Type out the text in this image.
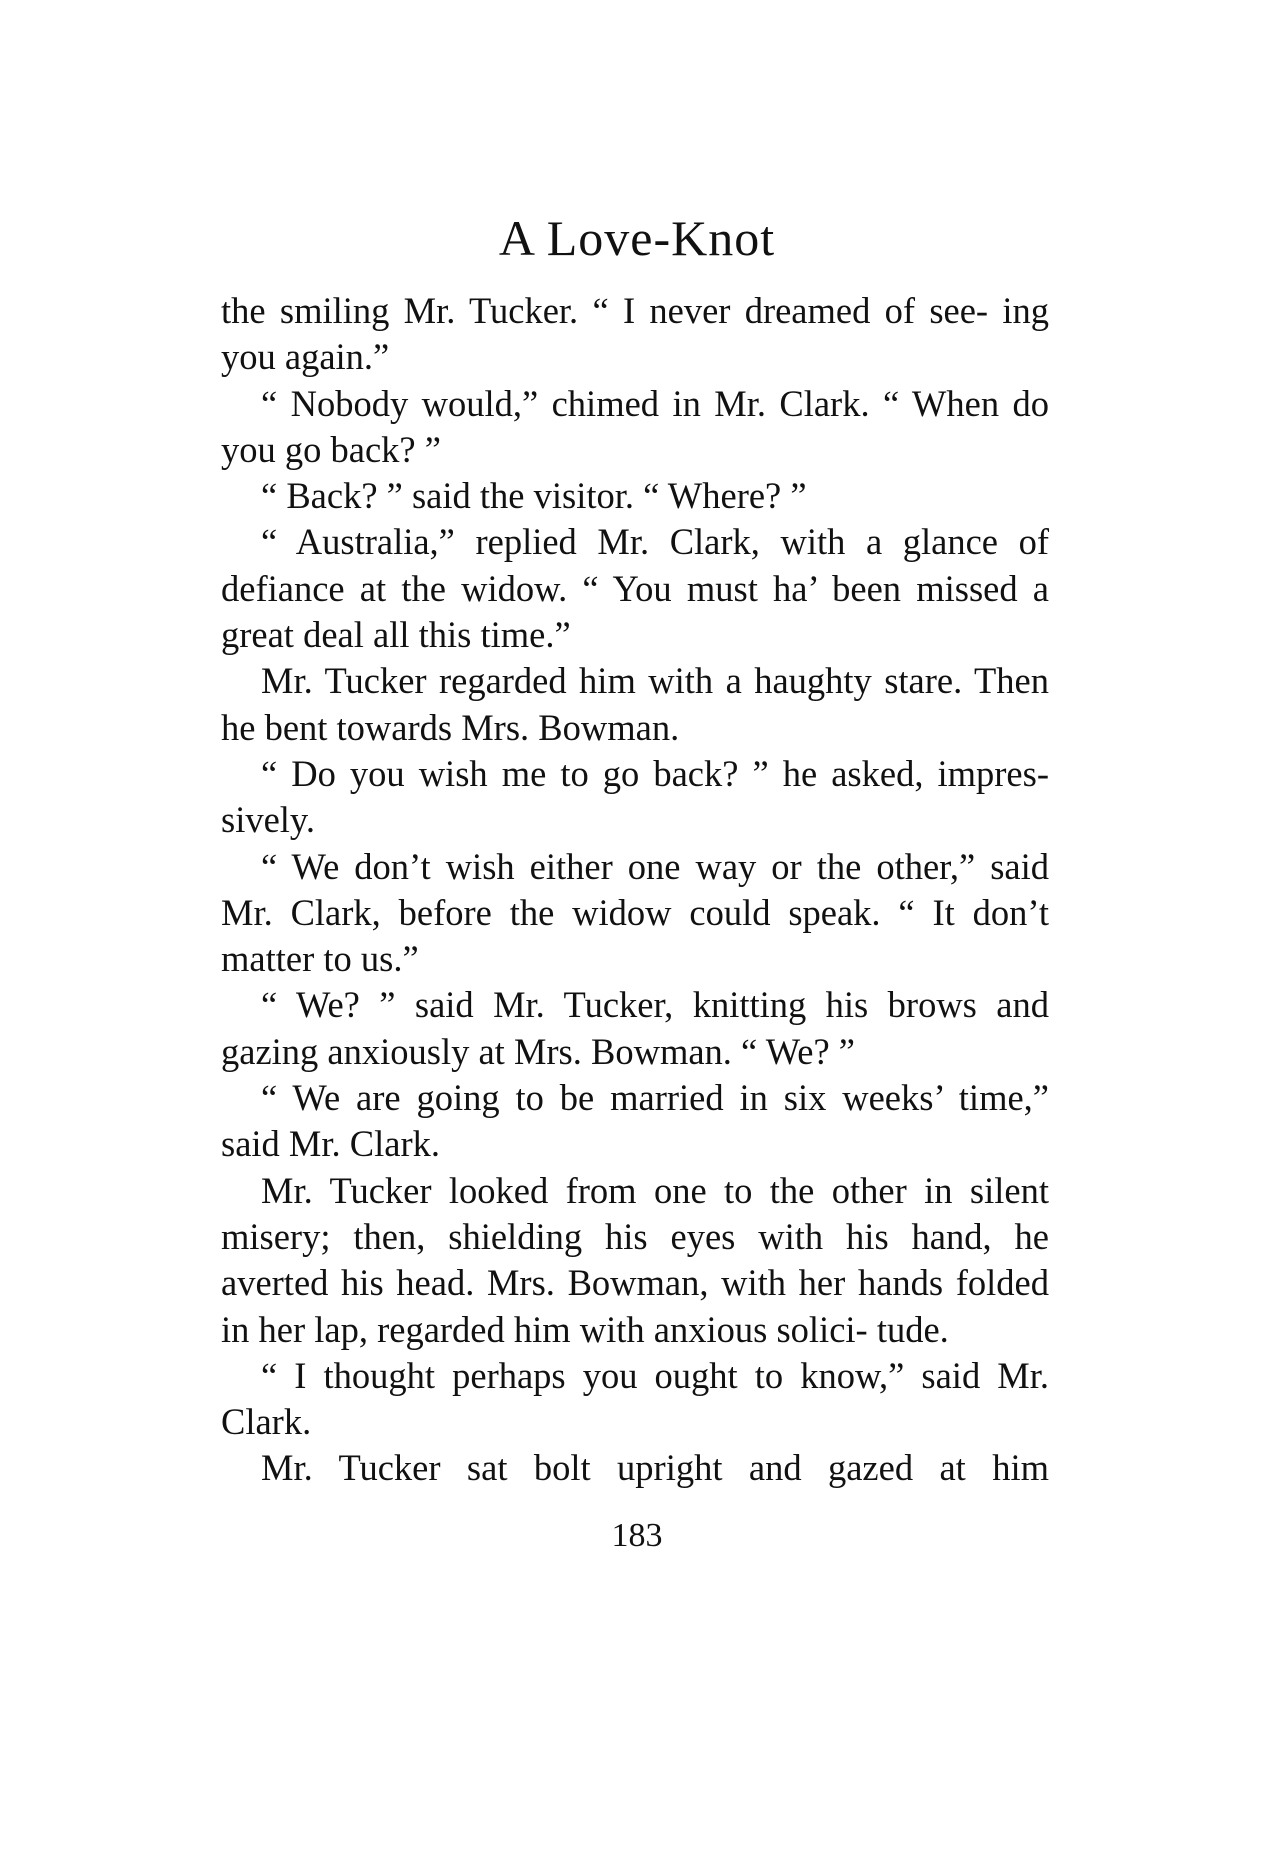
A Love-Knot

the smiling Mr. Tucker. “ I never dreamed of see- ing you again.”

“ Nobody would,” chimed in Mr. Clark. “ When do you go back? ”

“ Back? ” said the visitor. “ Where? ”

“ Australia,” replied Mr. Clark, with a glance of defiance at the widow. “ You must ha’ been missed a great deal all this time.”

Mr. Tucker regarded him with a haughty stare. Then he bent towards Mrs. Bowman.

“ Do you wish me to go back? ” he asked, impres- sively.

“ We don’t wish either one way or the other,” said Mr. Clark, before the widow could speak. “ It don’t matter to us.”

“ We? ” said Mr. Tucker, knitting his brows and gazing anxiously at Mrs. Bowman. “ We? ”

“ We are going to be married in six weeks’ time,” said Mr. Clark.

Mr. Tucker looked from one to the other in silent misery; then, shielding his eyes with his hand, he averted his head. Mrs. Bowman, with her hands folded in her lap, regarded him with anxious solici- tude.

“ I thought perhaps you ought to know,” said Mr. Clark.

Mr. Tucker sat bolt upright and gazed at him

183
